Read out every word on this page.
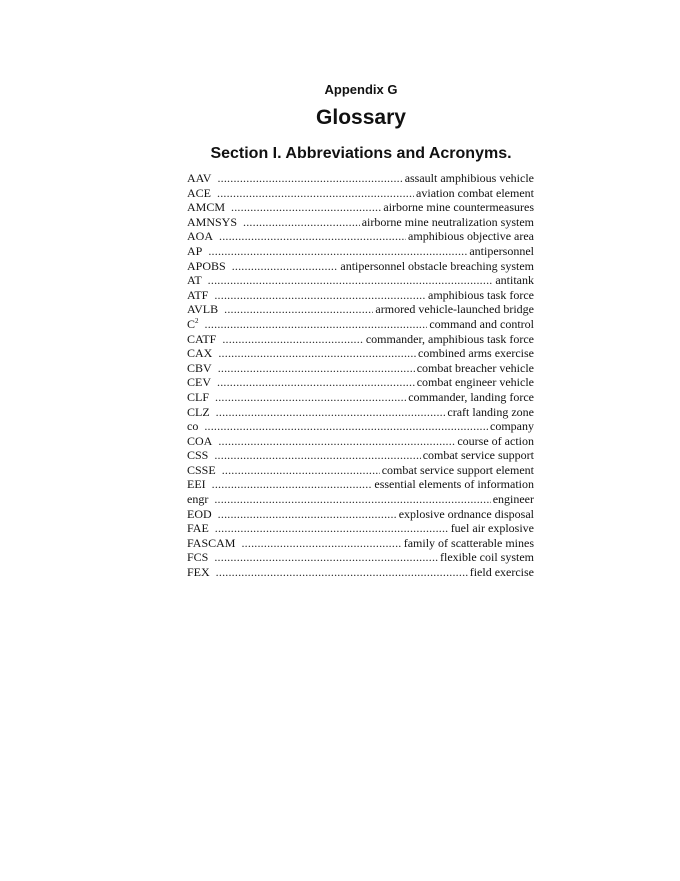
Appendix G
Glossary
Section I. Abbreviations and Acronyms.
AAV . . .	assault amphibious vehicle
ACE . . .	aviation combat element
AMCM . . .	airborne mine countermeasures
AMNSYS . . .	airborne mine neutralization system
AOA . . .	amphibious objective area
AP . . .	antipersonnel
APOBS . . .	antipersonnel obstacle breaching system
AT . . .	antitank
ATF . . .	amphibious task force
AVLB . . .	armored vehicle-launched bridge
$C^2$ . . .	command and control
CATF . . .	commander, amphibious task force
CAX . . .	combined arms exercise
CBV . . .	combat breacher vehicle
CEV . . .	combat engineer vehicle
CLF . . .	commander, landing force
CLZ . . .	craft landing zone
co . . .	company
COA . . .	course of action
CSS . . .	combat service support
CSSE . . .	combat service support element
EEI . . .	essential elements of information
engr . . .	engineer
EOD . . .	explosive ordnance disposal
FAE . . .	fuel air explosive
FASCAM . . .	family of scatterable mines
FCS . . .	flexible coil system
FEX . . .	field exercise
